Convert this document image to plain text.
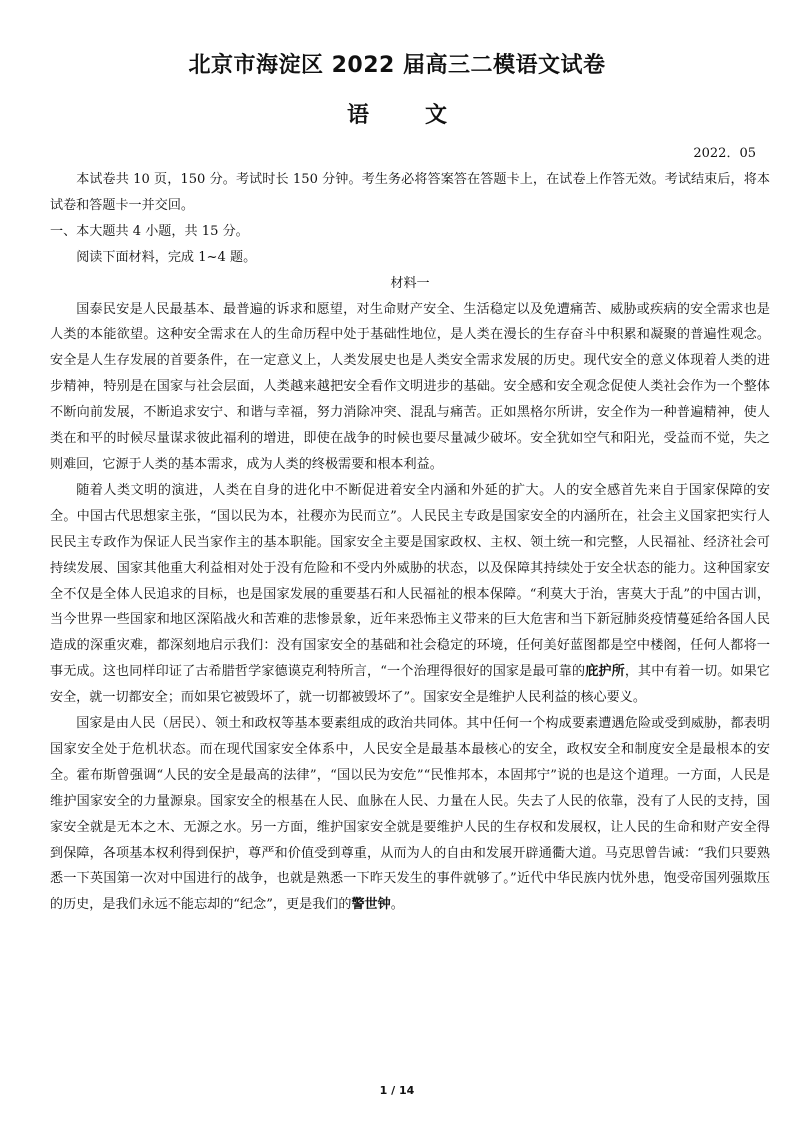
北京市海淀区 2022 届高三二模语文试卷
语文
2022．05

本试卷共 10 页，150 分。考试时长 150 分钟。考生务必将答案答在答题卡上，在试卷上作答无效。考试结束后，将本试卷和答题卡一并交回。

一、本大题共 4 小题，共 15 分。

阅读下面材料，完成 1~4 题。

材料一

国泰民安是人民最基本、最普遍的诉求和愿望，对生命财产安全、生活稳定以及免遭痛苦、威胁或疾病的安全需求也是人类的本能欲望。这种安全需求在人的生命历程中处于基础性地位，是人类在漫长的生存奋斗中积累和凝聚的普遍性观念。安全是人生存发展的首要条件，在一定意义上，人类发展史也是人类安全需求发展的历史。现代安全的意义体现着人类的进步精神，特别是在国家与社会层面，人类越来越把安全看作文明进步的基础。安全感和安全观念促使人类社会作为一个整体不断向前发展，不断追求安宁、和谐与幸福，努力消除冲突、混乱与痛苦。正如黑格尔所讲，安全作为一种普遍精神，使人类在和平的时候尽量谋求彼此福利的增进，即使在战争的时候也要尽量减少破坏。安全犹如空气和阳光，受益而不觉，失之则难回，它源于人类的基本需求，成为人类的终极需要和根本利益。

随着人类文明的演进，人类在自身的进化中不断促进着安全内涵和外延的扩大。人的安全感首先来自于国家保障的安全。中国古代思想家主张，“国以民为本，社稷亦为民而立”。人民民主专政是国家安全的内涵所在，社会主义国家把实行人民民主专政作为保证人民当家作主的基本职能。国家安全主要是国家政权、主权、领土统一和完整，人民福祉、经济社会可持续发展、国家其他重大利益相对处于没有危险和不受内外威胁的状态，以及保障其持续处于安全状态的能力。这种国家安全不仅是全体人民追求的目标，也是国家发展的重要基石和人民福祉的根本保障。“利莫大于治，害莫大于乱”的中国古训，当今世界一些国家和地区深陷战火和苦难的悲惨景象，近年来恐怖主义带来的巨大危害和当下新冠肺炎疫情蔓延给各国人民造成的深重灾难，都深刻地启示我们：没有国家安全的基础和社会稳定的环境，任何美好蓝图都是空中楼阁，任何人都将一事无成。这也同样印证了古希腊哲学家德谟克利特所言，“一个治理得很好的国家是最可靠的庇护所，其中有着一切。如果它安全，就一切都安全；而如果它被毁坏了，就一切都被毁坏了”。国家安全是维护人民利益的核心要义。

国家是由人民（居民）、领土和政权等基本要素组成的政治共同体。其中任何一个构成要素遭遇危险或受到威胁，都表明国家安全处于危机状态。而在现代国家安全体系中，人民安全是最基本最核心的安全，政权安全和制度安全是最根本的安全。霍布斯曾强调“人民的安全是最高的法律”，“国以民为安危”“民惟邦本，本固邦宁”说的也是这个道理。一方面，人民是维护国家安全的力量源泉。国家安全的根基在人民、血脉在人民、力量在人民。失去了人民的依靠，没有了人民的支持，国家安全就是无本之木、无源之水。另一方面，维护国家安全就是要维护人民的生存权和发展权，让人民的生命和财产安全得到保障，各项基本权利得到保护，尊严和价值受到尊重，从而为人的自由和发展开辟通衢大道。马克思曾告诫：“我们只要熟悉一下英国第一次对中国进行的战争，也就是熟悉一下昨天发生的事件就够了。”近代中华民族内忧外患，饱受帝国列强欺压的历史，是我们永远不能忘却的“纪念”，更是我们的警世钟。

1 / 14
